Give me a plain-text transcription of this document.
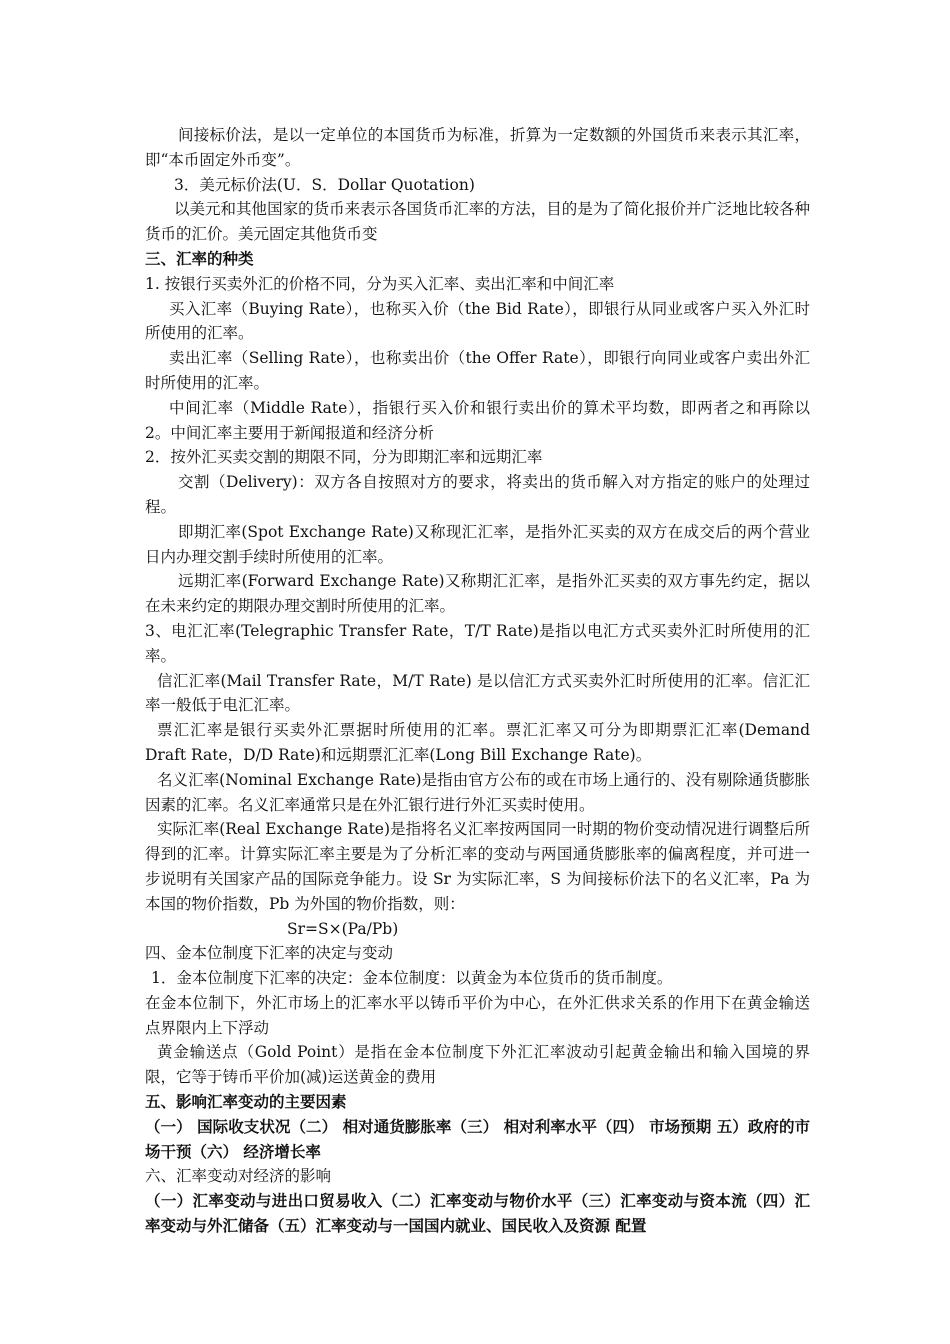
间接标价法，是以一定单位的本国货币为标准，折算为一定数额的外国货币来表示其汇率，即“本币固定外币变”。

3．美元标价法(U．S．Dollar Quotation)

以美元和其他国家的货币来表示各国货币汇率的方法，目的是为了简化报价并广泛地比较各种货币的汇价。美元固定其他货币变

三、汇率的种类

1. 按银行买卖外汇的价格不同，分为买入汇率、卖出汇率和中间汇率

买入汇率（Buying Rate），也称买入价（the Bid Rate），即银行从同业或客户买入外汇时所使用的汇率。

卖出汇率（Selling Rate），也称卖出价（the Offer Rate），即银行向同业或客户卖出外汇时所使用的汇率。

中间汇率（Middle Rate），指银行买入价和银行卖出价的算术平均数，即两者之和再除以 2。中间汇率主要用于新闻报道和经济分析

2．按外汇买卖交割的期限不同，分为即期汇率和远期汇率

交割（Delivery)：双方各自按照对方的要求，将卖出的货币解入对方指定的账户的处理过程。

即期汇率(Spot Exchange Rate)又称现汇汇率，是指外汇买卖的双方在成交后的两个营业日内办理交割手续时所使用的汇率。

远期汇率(Forward Exchange Rate)又称期汇汇率，是指外汇买卖的双方事先约定，据以在未来约定的期限办理交割时所使用的汇率。

3、电汇汇率(Telegraphic Transfer Rate，T/T Rate)是指以电汇方式买卖外汇时所使用的汇率。

信汇汇率(Mail Transfer Rate，M/T Rate) 是以信汇方式买卖外汇时所使用的汇率。信汇汇率一般低于电汇汇率。

票汇汇率是银行买卖外汇票据时所使用的汇率。票汇汇率又可分为即期票汇汇率(Demand Draft Rate，D/D Rate)和远期票汇汇率(Long Bill Exchange Rate)。

名义汇率(Nominal Exchange Rate)是指由官方公布的或在市场上通行的、没有剔除通货膨胀因素的汇率。名义汇率通常只是在外汇银行进行外汇买卖时使用。

实际汇率(Real Exchange Rate)是指将名义汇率按两国同一时期的物价变动情况进行调整后所得到的汇率。计算实际汇率主要是为了分析汇率的变动与两国通货膨胀率的偏离程度，并可进一步说明有关国家产品的国际竞争能力。设 Sr 为实际汇率，S 为间接标价法下的名义汇率，Pa 为本国的物价指数，Pb 为外国的物价指数，则：

Sr=S×(Pa/Pb)

四、金本位制度下汇率的决定与变动

1．金本位制度下汇率的决定：金本位制度：以黄金为本位货币的货币制度。

在金本位制下，外汇市场上的汇率水平以铸币平价为中心，在外汇供求关系的作用下在黄金输送点界限内上下浮动

黄金输送点（Gold Point）是指在金本位制度下外汇汇率波动引起黄金输出和输入国境的界限，它等于铸币平价加(减)运送黄金的费用

五、影响汇率变动的主要因素

（一） 国际收支状况（二） 相对通货膨胀率（三） 相对利率水平（四） 市场预期 五）政府的市场干预（六） 经济增长率

六、汇率变动对经济的影响

（一）汇率变动与进出口贸易收入（二）汇率变动与物价水平（三）汇率变动与资本流（四）汇率变动与外汇储备（五）汇率变动与一国国内就业、国民收入及资源 配置
